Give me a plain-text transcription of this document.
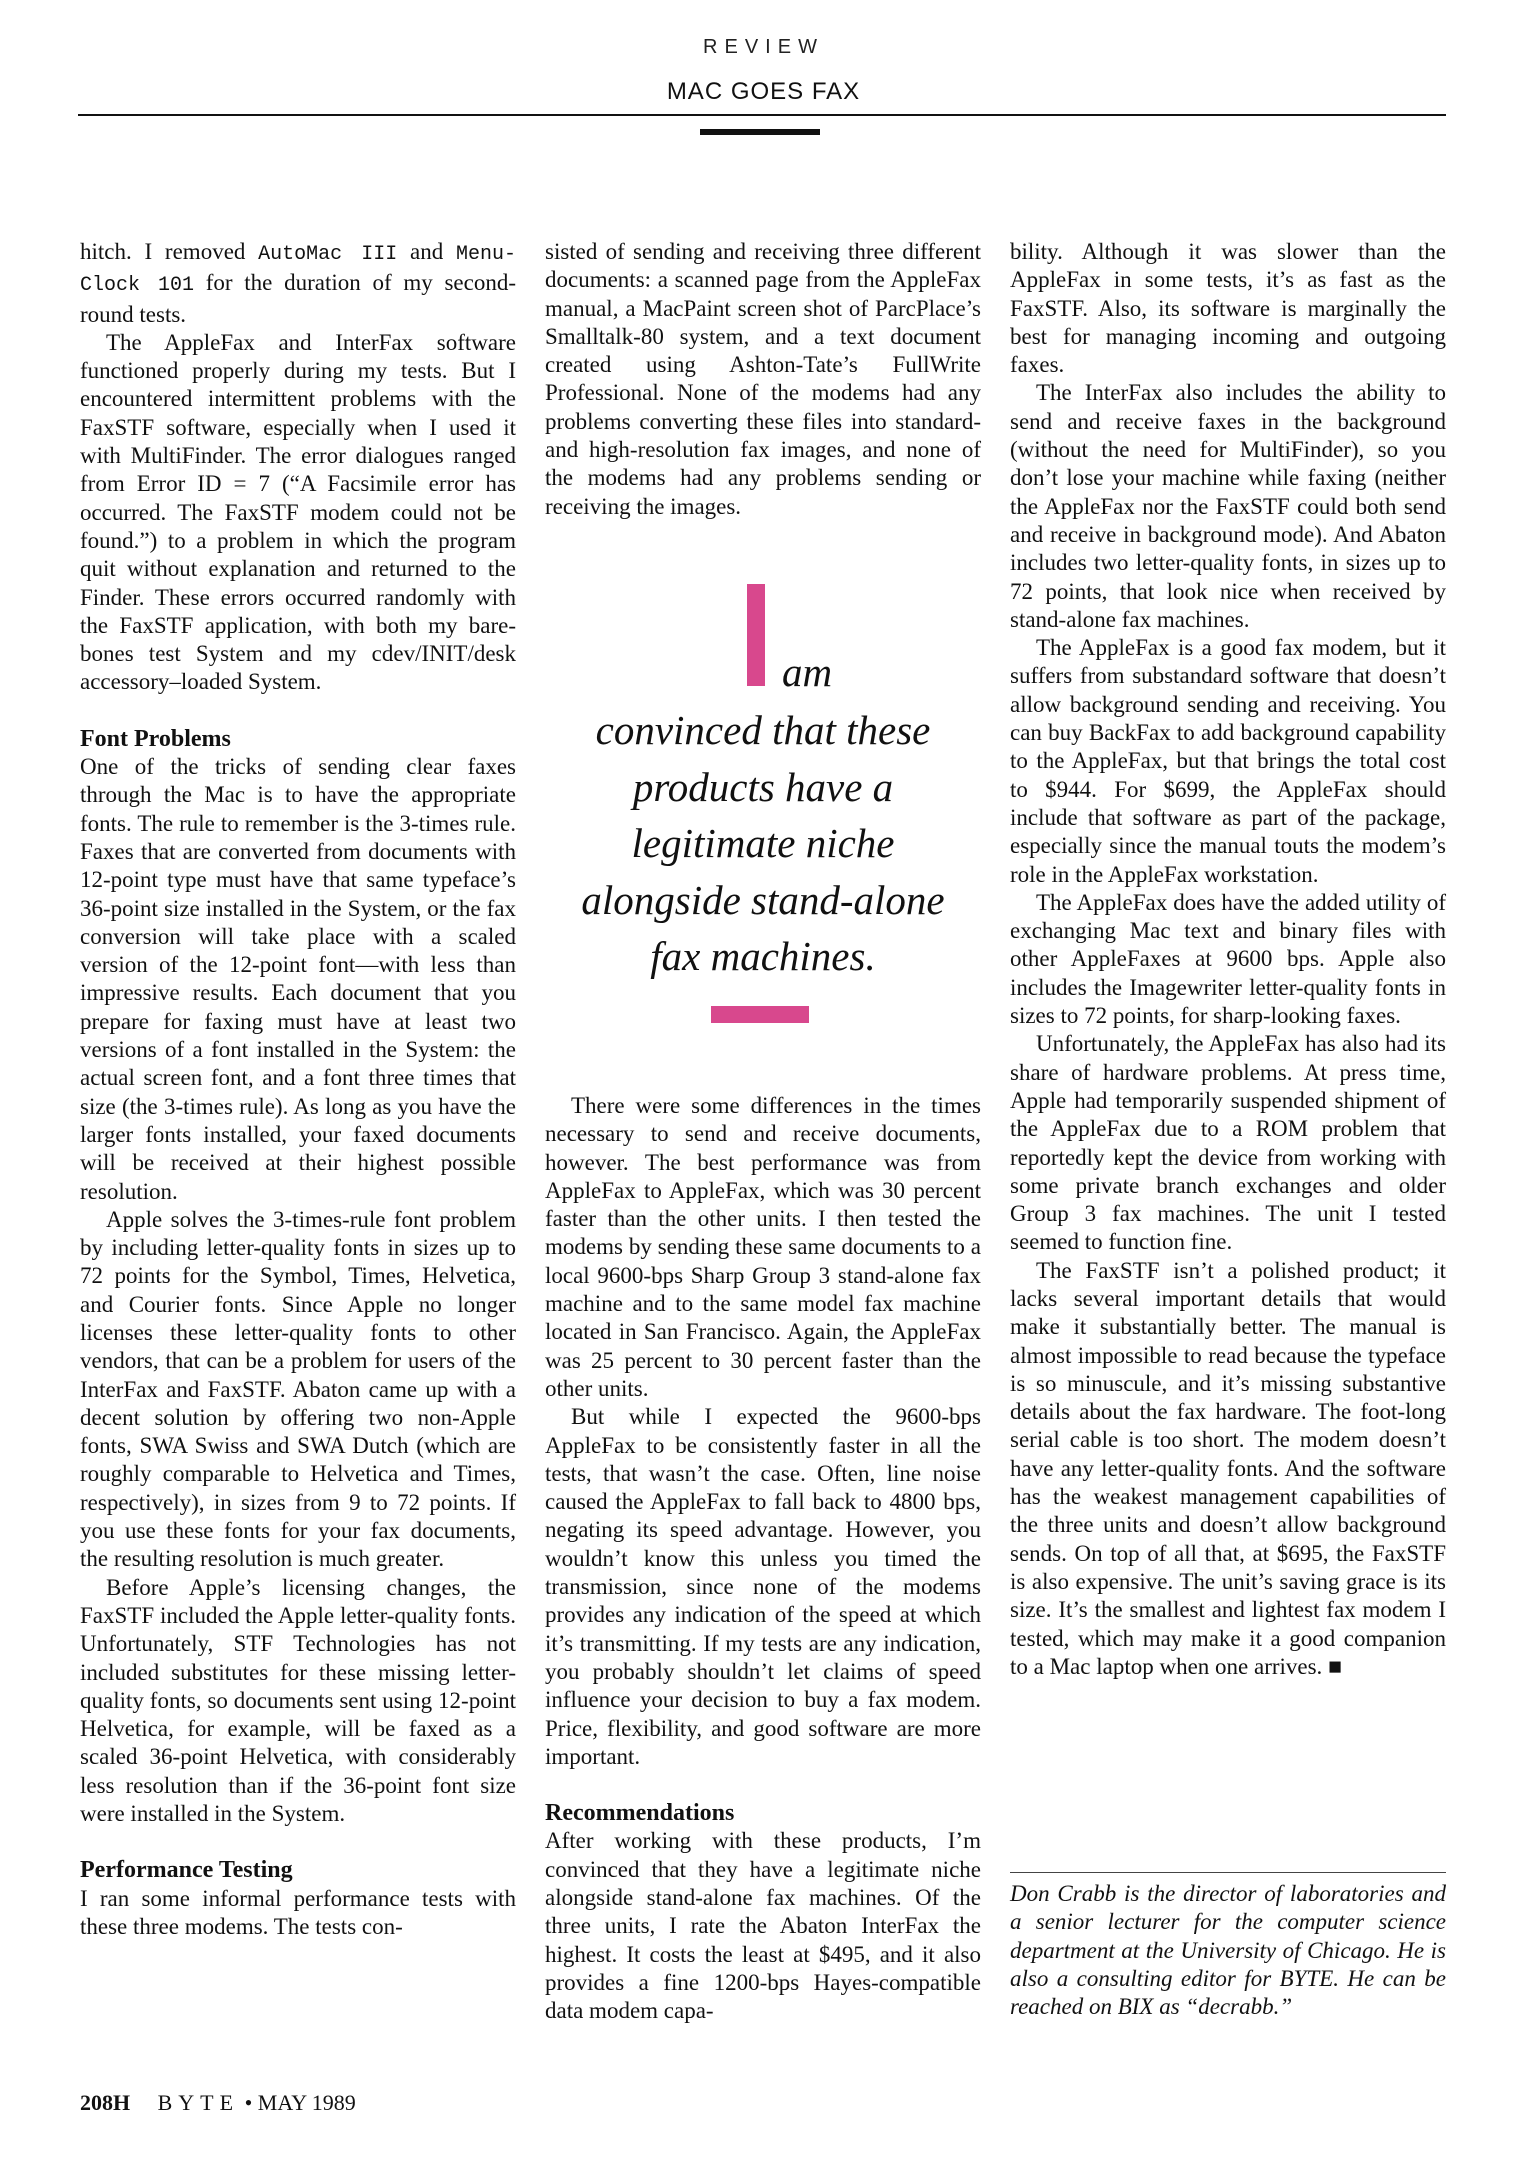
REVIEW
MAC GOES FAX

hitch. I removed AutoMac III and Menu-Clock 101 for the duration of my second-round tests.

The AppleFax and InterFax software functioned properly during my tests. But I encountered intermittent problems with the FaxSTF software, especially when I used it with MultiFinder. The error dialogues ranged from Error ID = 7 (“A Facsimile error has occurred. The FaxSTF modem could not be found.”) to a problem in which the program quit without explanation and returned to the Finder. These errors occurred randomly with the FaxSTF application, with both my bare-bones test System and my cdev/INIT/desk accessory–loaded System.

Font Problems

One of the tricks of sending clear faxes through the Mac is to have the appropriate fonts. The rule to remember is the 3-times rule. Faxes that are converted from documents with 12-point type must have that same typeface’s 36-point size installed in the System, or the fax conversion will take place with a scaled version of the 12-point font—with less than impressive results. Each document that you prepare for faxing must have at least two versions of a font installed in the System: the actual screen font, and a font three times that size (the 3-times rule). As long as you have the larger fonts installed, your faxed documents will be received at their highest possible resolution.

Apple solves the 3-times-rule font problem by including letter-quality fonts in sizes up to 72 points for the Symbol, Times, Helvetica, and Courier fonts. Since Apple no longer licenses these letter-quality fonts to other vendors, that can be a problem for users of the InterFax and FaxSTF. Abaton came up with a decent solution by offering two non-Apple fonts, SWA Swiss and SWA Dutch (which are roughly comparable to Helvetica and Times, respectively), in sizes from 9 to 72 points. If you use these fonts for your fax documents, the resulting resolution is much greater.

Before Apple’s licensing changes, the FaxSTF included the Apple letter-quality fonts. Unfortunately, STF Technologies has not included substitutes for these missing letter-quality fonts, so documents sent using 12-point Helvetica, for example, will be faxed as a scaled 36-point Helvetica, with considerably less resolution than if the 36-point font size were installed in the System.

Performance Testing

I ran some informal performance tests with these three modems. The tests con-

sisted of sending and receiving three different documents: a scanned page from the AppleFax manual, a MacPaint screen shot of ParcPlace’s Smalltalk-80 system, and a text document created using Ashton-Tate’s FullWrite Professional. None of the modems had any problems converting these files into standard- and high-resolution fax images, and none of the modems had any problems sending or receiving the images.

am
convinced that these
products have a
legitimate niche
alongside stand-alone
fax machines.

There were some differences in the times necessary to send and receive documents, however. The best performance was from AppleFax to AppleFax, which was 30 percent faster than the other units. I then tested the modems by sending these same documents to a local 9600-bps Sharp Group 3 stand-alone fax machine and to the same model fax machine located in San Francisco. Again, the AppleFax was 25 percent to 30 percent faster than the other units.

But while I expected the 9600-bps AppleFax to be consistently faster in all the tests, that wasn’t the case. Often, line noise caused the AppleFax to fall back to 4800 bps, negating its speed advantage. However, you wouldn’t know this unless you timed the transmission, since none of the modems provides any indication of the speed at which it’s transmitting. If my tests are any indication, you probably shouldn’t let claims of speed influence your decision to buy a fax modem. Price, flexibility, and good software are more important.

Recommendations

After working with these products, I’m convinced that they have a legitimate niche alongside stand-alone fax machines. Of the three units, I rate the Abaton InterFax the highest. It costs the least at $495, and it also provides a fine 1200-bps Hayes-compatible data modem capa-

bility. Although it was slower than the AppleFax in some tests, it’s as fast as the FaxSTF. Also, its software is marginally the best for managing incoming and outgoing faxes.

The InterFax also includes the ability to send and receive faxes in the background (without the need for MultiFinder), so you don’t lose your machine while faxing (neither the AppleFax nor the FaxSTF could both send and receive in background mode). And Abaton includes two letter-quality fonts, in sizes up to 72 points, that look nice when received by stand-alone fax machines.

The AppleFax is a good fax modem, but it suffers from substandard software that doesn’t allow background sending and receiving. You can buy BackFax to add background capability to the AppleFax, but that brings the total cost to $944. For $699, the AppleFax should include that software as part of the package, especially since the manual touts the modem’s role in the AppleFax workstation.

The AppleFax does have the added utility of exchanging Mac text and binary files with other AppleFaxes at 9600 bps. Apple also includes the Imagewriter letter-quality fonts in sizes to 72 points, for sharp-looking faxes.

Unfortunately, the AppleFax has also had its share of hardware problems. At press time, Apple had temporarily suspended shipment of the AppleFax due to a ROM problem that reportedly kept the device from working with some private branch exchanges and older Group 3 fax machines. The unit I tested seemed to function fine.

The FaxSTF isn’t a polished product; it lacks several important details that would make it substantially better. The manual is almost impossible to read because the typeface is so minuscule, and it’s missing substantive details about the fax hardware. The foot-long serial cable is too short. The modem doesn’t have any letter-quality fonts. And the software has the weakest management capabilities of the three units and doesn’t allow background sends. On top of all that, at $695, the FaxSTF is also expensive. The unit’s saving grace is its size. It’s the smallest and lightest fax modem I tested, which may make it a good companion to a Mac laptop when one arrives. ■

Don Crabb is the director of laboratories and a senior lecturer for the computer science department at the University of Chicago. He is also a consulting editor for BYTE. He can be reached on BIX as “decrabb.”
208H BYTE • MAY 1989
